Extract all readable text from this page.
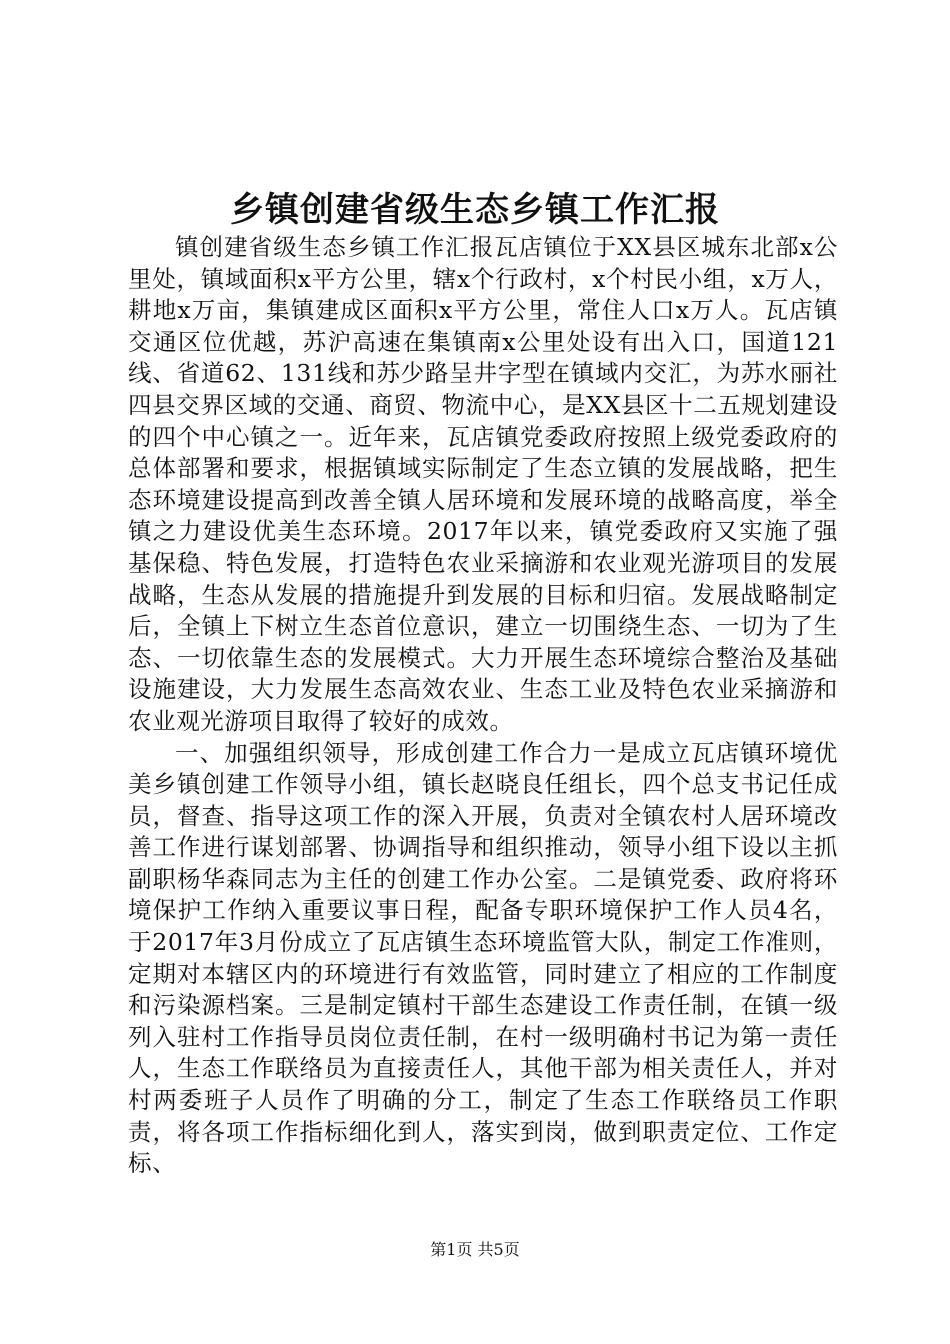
乡镇创建省级生态乡镇工作汇报

镇创建省级生态乡镇工作汇报瓦店镇位于XX县区城东北部x公里处，镇域面积x平方公里，辖x个行政村，x个村民小组，x万人，耕地x万亩，集镇建成区面积x平方公里，常住人口x万人。瓦店镇交通区位优越，苏沪高速在集镇南x公里处设有出入口，国道121线、省道62、131线和苏少路呈井字型在镇域内交汇，为苏水丽社四县交界区域的交通、商贸、物流中心，是XX县区十二五规划建设的四个中心镇之一。近年来，瓦店镇党委政府按照上级党委政府的总体部署和要求，根据镇域实际制定了生态立镇的发展战略，把生态环境建设提高到改善全镇人居环境和发展环境的战略高度，举全镇之力建设优美生态环境。2017年以来，镇党委政府又实施了强基保稳、特色发展，打造特色农业采摘游和农业观光游项目的发展战略，生态从发展的措施提升到发展的目标和归宿。发展战略制定后，全镇上下树立生态首位意识，建立一切围绕生态、一切为了生态、一切依靠生态的发展模式。大力开展生态环境综合整治及基础设施建设，大力发展生态高效农业、生态工业及特色农业采摘游和农业观光游项目取得了较好的成效。

一、加强组织领导，形成创建工作合力一是成立瓦店镇环境优美乡镇创建工作领导小组，镇长赵晓良任组长，四个总支书记任成员，督查、指导这项工作的深入开展，负责对全镇农村人居环境改善工作进行谋划部署、协调指导和组织推动，领导小组下设以主抓副职杨华森同志为主任的创建工作办公室。二是镇党委、政府将环境保护工作纳入重要议事日程，配备专职环境保护工作人员4名，于2017年3月份成立了瓦店镇生态环境监管大队，制定工作准则，定期对本辖区内的环境进行有效监管，同时建立了相应的工作制度和污染源档案。三是制定镇村干部生态建设工作责任制，在镇一级列入驻村工作指导员岗位责任制，在村一级明确村书记为第一责任人，生态工作联络员为直接责任人，其他干部为相关责任人，并对村两委班子人员作了明确的分工，制定了生态工作联络员工作职责，将各项工作指标细化到人，落实到岗，做到职责定位、工作定标、

第1页 共5页
